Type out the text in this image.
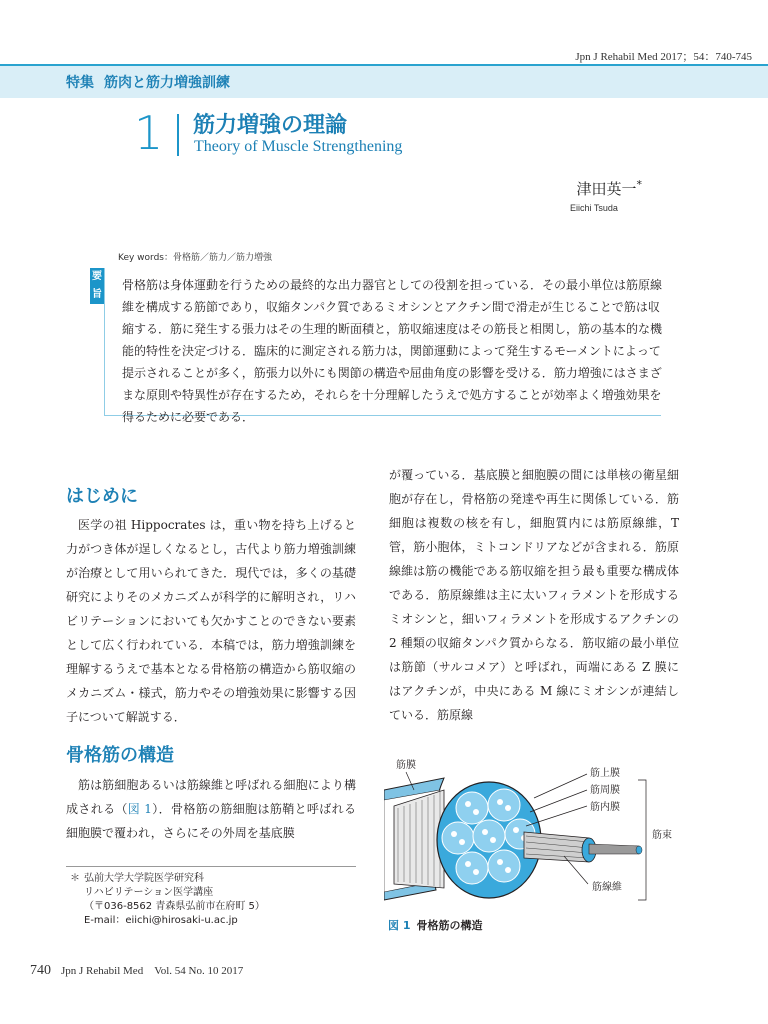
Jpn J Rehabil Med 2017；54：740-745
特集 筋肉と筋力増強訓練
1 筋力増強の理論
Theory of Muscle Strengthening
津田英一*
Eiichi Tsuda
Key words：骨格筋／筋力／筋力増強
要旨
骨格筋は身体運動を行うための最終的な出力器官としての役割を担っている．その最小単位は筋原線維を構成する筋節であり，収縮タンパク質であるミオシンとアクチン間で滑走が生じることで筋は収縮する．筋に発生する張力はその生理的断面積と，筋収縮速度はその筋長と相関し，筋の基本的な機能的特性を決定づける．臨床的に測定される筋力は，関節運動によって発生するモーメントによって提示されることが多く，筋張力以外にも関節の構造や屈曲角度の影響を受ける．筋力増強にはさまざまな原則や特異性が存在するため，それらを十分理解したうえで処方することが効率よく増強効果を得るために必要である．
はじめに

医学の祖 Hippocrates は，重い物を持ち上げると力がつき体が逞しくなるとし，古代より筋力増強訓練が治療として用いられてきた．現代では，多くの基礎研究によりそのメカニズムが科学的に解明され，リハビリテーションにおいても欠かすことのできない要素として広く行われている．本稿では，筋力増強訓練を理解するうえで基本となる骨格筋の構造から筋収縮のメカニズム・様式，筋力やその増強効果に影響する因子について解説する．

骨格筋の構造
筋は筋細胞あるいは筋線維と呼ばれる細胞により構成される（図 1）．骨格筋の筋細胞は筋鞘と呼ばれる細胞膜で覆われ，さらにその外周を基底膜

が覆っている．基底膜と細胞膜の間には単核の衛星細胞が存在し，骨格筋の発達や再生に関係している．筋細胞は複数の核を有し，細胞質内には筋原線維，T 管，筋小胞体，ミトコンドリアなどが含まれる．筋原線維は筋の機能である筋収縮を担う最も重要な構成体である．筋原線維は主に太いフィラメントを形成するミオシンと，細いフィラメントを形成するアクチンの 2 種類の収縮タンパク質からなる．筋収縮の最小単位は筋節（サルコメア）と呼ばれ，両端にある Z 膜にはアクチンが，中央にある M 線にミオシンが連結している．筋原線

筋膜
筋上膜
筋周膜
筋内膜
筋束
筋線維
図 1 骨格筋の構造
＊ 弘前大学大学院医学研究科
リハビリテーション医学講座
（〒036-8562 青森県弘前市在府町 5）
E-mail：eiichi@hirosaki-u.ac.jp
740 Jpn J Rehabil Med　Vol. 54 No. 10 2017
